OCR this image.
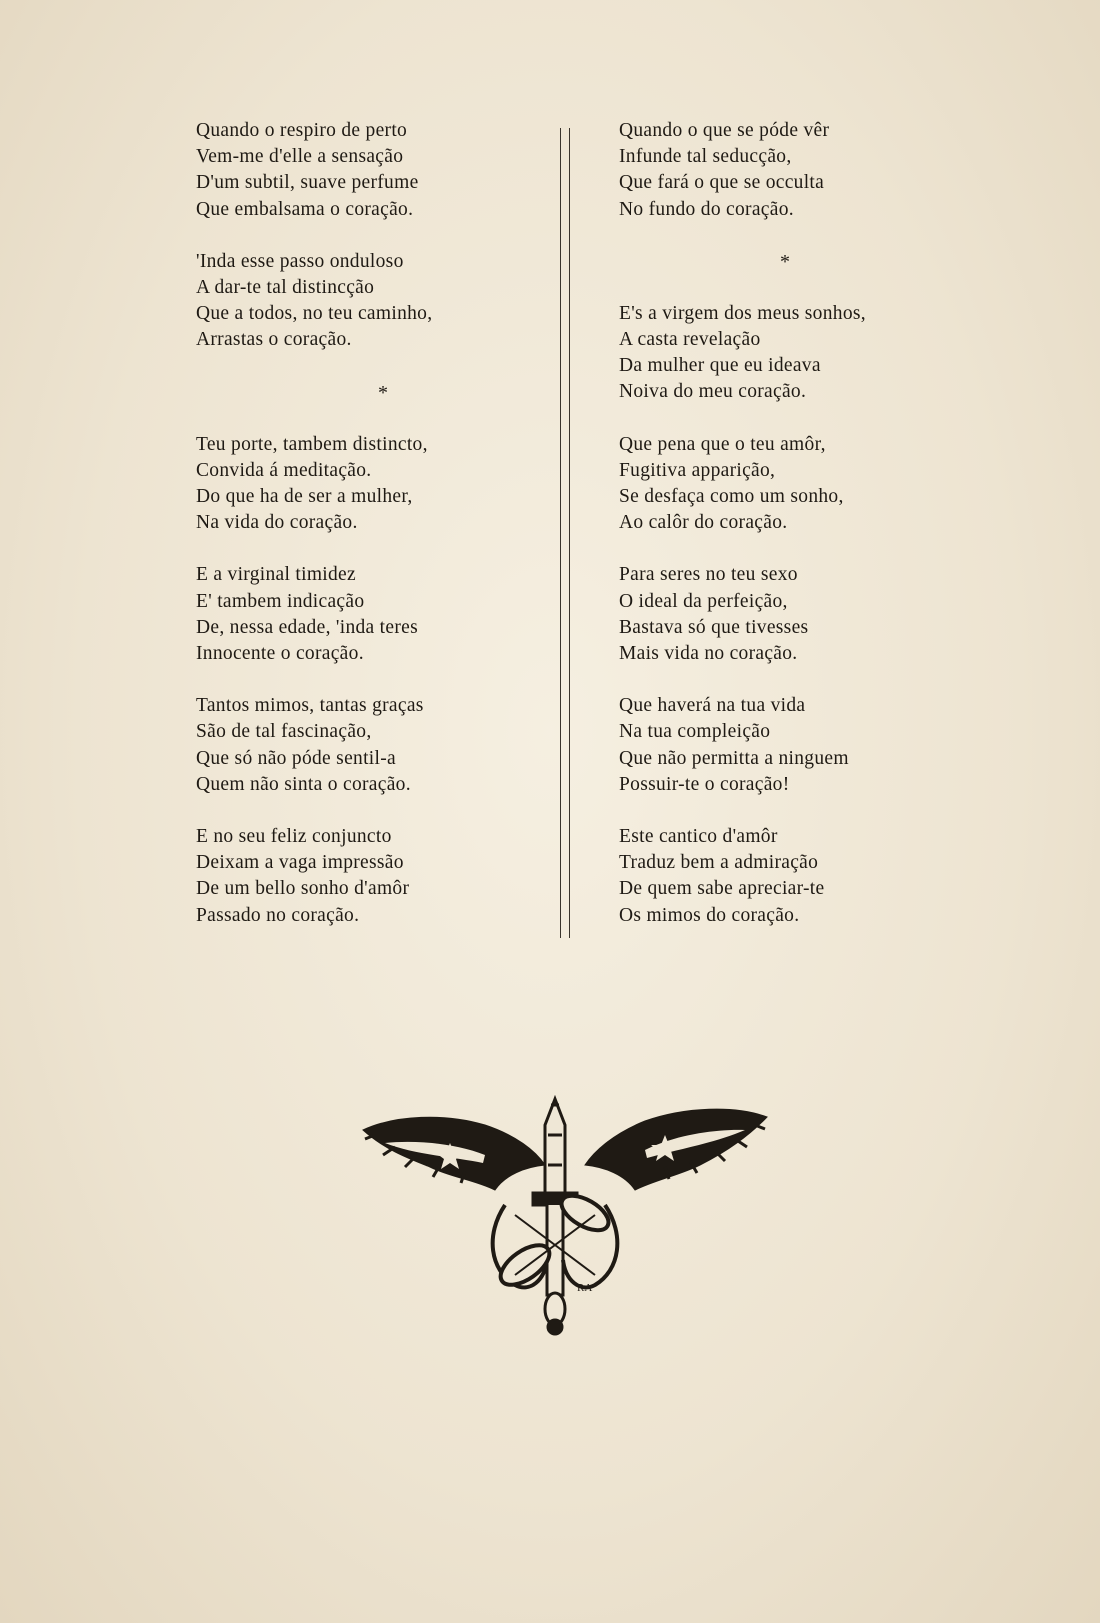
Quando o respiro de perto
Vem-me d'elle a sensação
D'um subtil, suave perfume
Que embalsama o coração.
'Inda esse passo onduloso
A dar-te tal distincção
Que a todos, no teu caminho,
Arrastas o coração.
*
Teu porte, tambem distincto,
Convida á meditação.
Do que ha de ser a mulher,
Na vida do coração.
E a virginal timidez
E' tambem indicação
De, nessa edade, 'inda teres
Innocente o coração.
Tantos mimos, tantas graças
São de tal fascinação,
Que só não póde sentil-a
Quem não sinta o coração.
E no seu feliz conjuncto
Deixam a vaga impressão
De um bello sonho d'amôr
Passado no coração.
Quando o que se póde vêr
Infunde tal seducção,
Que fará o que se occulta
No fundo do coração.
*
E's a virgem dos meus sonhos,
A casta revelação
Da mulher que eu ideava
Noiva do meu coração.
Que pena que o teu amôr,
Fugitiva apparição,
Se desfaça como um sonho,
Ao calôr do coração.
Para seres no teu sexo
O ideal da perfeição,
Bastava só que tivesses
Mais vida no coração.
Que haverá na tua vida
Na tua compleição
Que não permitta a ninguem
Possuir-te o coração!
Este cantico d'amôr
Traduz bem a admiração
De quem sabe apreciar-te
Os mimos do coração.
RA
